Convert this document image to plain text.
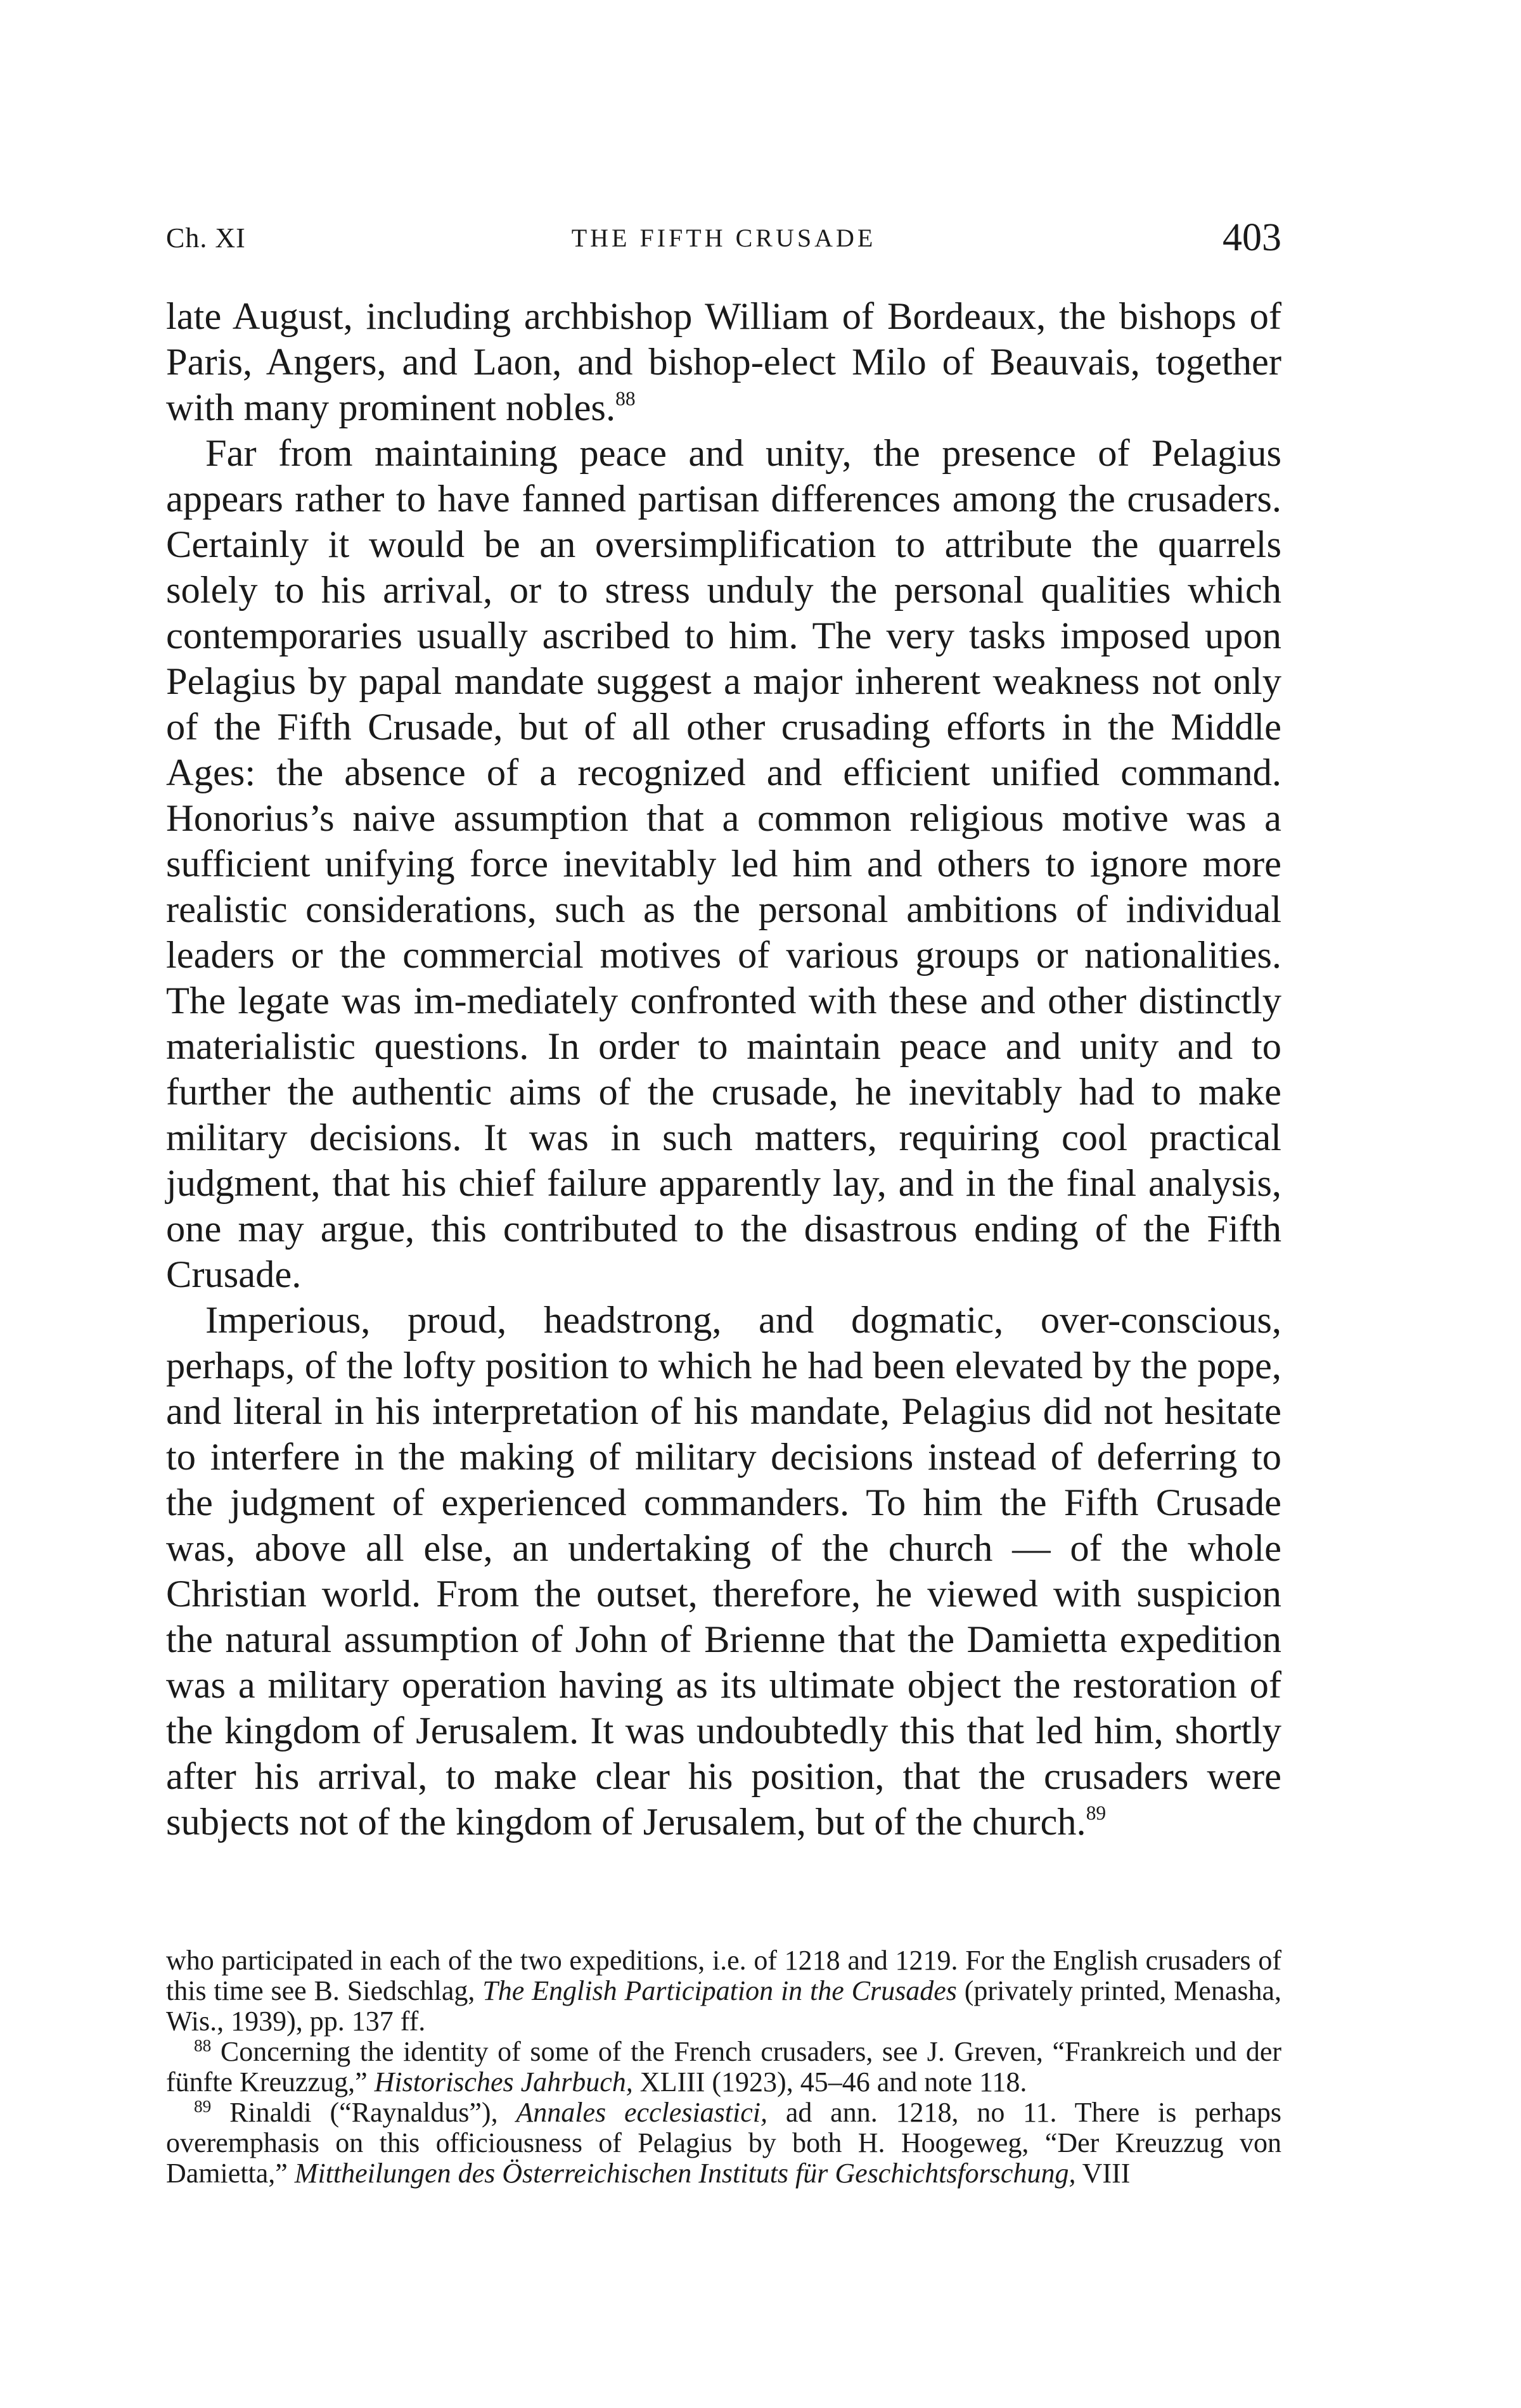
Ch. XI	THE FIFTH CRUSADE	403

late August, including archbishop William of Bordeaux, the bishops of Paris, Angers, and Laon, and bishop-elect Milo of Beauvais, together with many prominent nobles.$^{88}$

Far from maintaining peace and unity, the presence of Pelagius appears rather to have fanned partisan differences among the crusaders. Certainly it would be an oversimplification to attribute the quarrels solely to his arrival, or to stress unduly the personal qualities which contemporaries usually ascribed to him. The very tasks imposed upon Pelagius by papal mandate suggest a major inherent weakness not only of the Fifth Crusade, but of all other crusading efforts in the Middle Ages: the absence of a recognized and efficient unified command. Honorius’s naive assumption that a common religious motive was a sufficient unifying force inevitably led him and others to ignore more realistic considerations, such as the personal ambitions of individual leaders or the commercial motives of various groups or nationalities. The legate was im-mediately confronted with these and other distinctly materialistic questions. In order to maintain peace and unity and to further the authentic aims of the crusade, he inevitably had to make military decisions. It was in such matters, requiring cool practical judgment, that his chief failure apparently lay, and in the final analysis, one may argue, this contributed to the disastrous ending of the Fifth Crusade.

Imperious, proud, headstrong, and dogmatic, over-conscious, perhaps, of the lofty position to which he had been elevated by the pope, and literal in his interpretation of his mandate, Pelagius did not hesitate to interfere in the making of military decisions instead of deferring to the judgment of experienced commanders. To him the Fifth Crusade was, above all else, an undertaking of the church — of the whole Christian world. From the outset, therefore, he viewed with suspicion the natural assumption of John of Brienne that the Damietta expedition was a military operation having as its ultimate object the restoration of the kingdom of Jerusalem. It was undoubtedly this that led him, shortly after his arrival, to make clear his position, that the crusaders were subjects not of the kingdom of Jerusalem, but of the church.$^{89}$

who participated in each of the two expeditions, i.e. of 1218 and 1219. For the English crusaders of this time see B. Siedschlag, The English Participation in the Crusades (privately printed, Menasha, Wis., 1939), pp. 137 ff.

$^{88}$ Concerning the identity of some of the French crusaders, see J. Greven, “Frankreich und der fünfte Kreuzzug,” Historisches Jahrbuch, XLIII (1923), 45–46 and note 118.

$^{89}$ Rinaldi (“Raynaldus”), Annales ecclesiastici, ad ann. 1218, no 11. There is perhaps overemphasis on this officiousness of Pelagius by both H. Hoogeweg, “Der Kreuzzug von Damietta,” Mittheilungen des Österreichischen Instituts für Geschichtsforschung, VIII
